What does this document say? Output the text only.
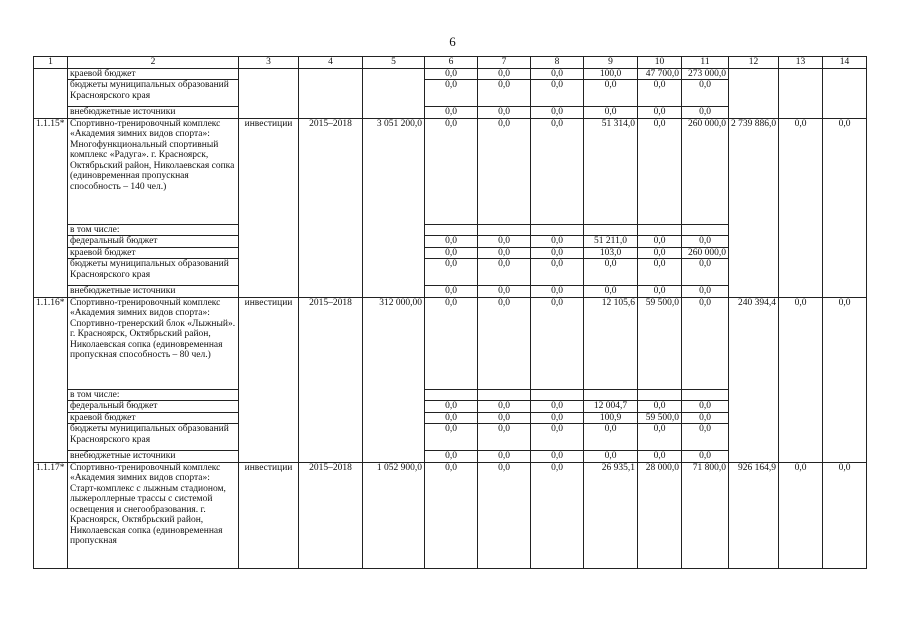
6
1	2	3	4	5	6	7	8	9	10	11	12	13	14
	краевой бюджет				0,0	0,0	0,0	100,0	47 700,0	273 000,0			
	бюджеты муниципальных образований Красноярского края				0,0	0,0	0,0	0,0	0,0	0,0			
	внебюджетные источники				0,0	0,0	0,0	0,0	0,0	0,0			
1.1.15*	Спортивно-тренировочный комплекс «Академия зимних видов спорта»: Многофункциональный спортивный комплекс «Радуга». г. Красноярск, Октябрьский район, Николаевская сопка (единовременная пропускная способность – 140 чел.)	инвестиции	2015–2018	3 051 200,0	0,0	0,0	0,0	51 314,0	0,0	260 000,0	2 739 886,0	0,0	0,0
	в том числе:												
	федеральный бюджет				0,0	0,0	0,0	51 211,0	0,0	0,0			
	краевой бюджет				0,0	0,0	0,0	103,0	0,0	260 000,0			
	бюджеты муниципальных образований Красноярского края				0,0	0,0	0,0	0,0	0,0	0,0			
	внебюджетные источники				0,0	0,0	0,0	0,0	0,0	0,0			
1.1.16*	Спортивно-тренировочный комплекс «Академия зимних видов спорта»: Спортивно-тренерский блок «Лыжный». г. Красноярск, Октябрьский район, Николаевская сопка (единовременная пропускная способность – 80 чел.)	инвестиции	2015–2018	312 000,00	0,0	0,0	0,0	12 105,6	59 500,0	0,0	240 394,4	0,0	0,0
	в том числе:												
	федеральный бюджет				0,0	0,0	0,0	12 004,7	0,0	0,0			
	краевой бюджет				0,0	0,0	0,0	100,9	59 500,0	0,0			
	бюджеты муниципальных образований Красноярского края				0,0	0,0	0,0	0,0	0,0	0,0			
	внебюджетные источники				0,0	0,0	0,0	0,0	0,0	0,0			
1.1.17*	Спортивно-тренировочный комплекс «Академия зимних видов спорта»: Старт-комплекс с лыжным стадионом, лыжероллерные трассы с системой освещения и снегообразования. г. Красноярск, Октябрьский район, Николаевская сопка (единовременная пропускная	инвестиции	2015–2018	1 052 900,0	0,0	0,0	0,0	26 935,1	28 000,0	71 800,0	926 164,9	0,0	0,0
